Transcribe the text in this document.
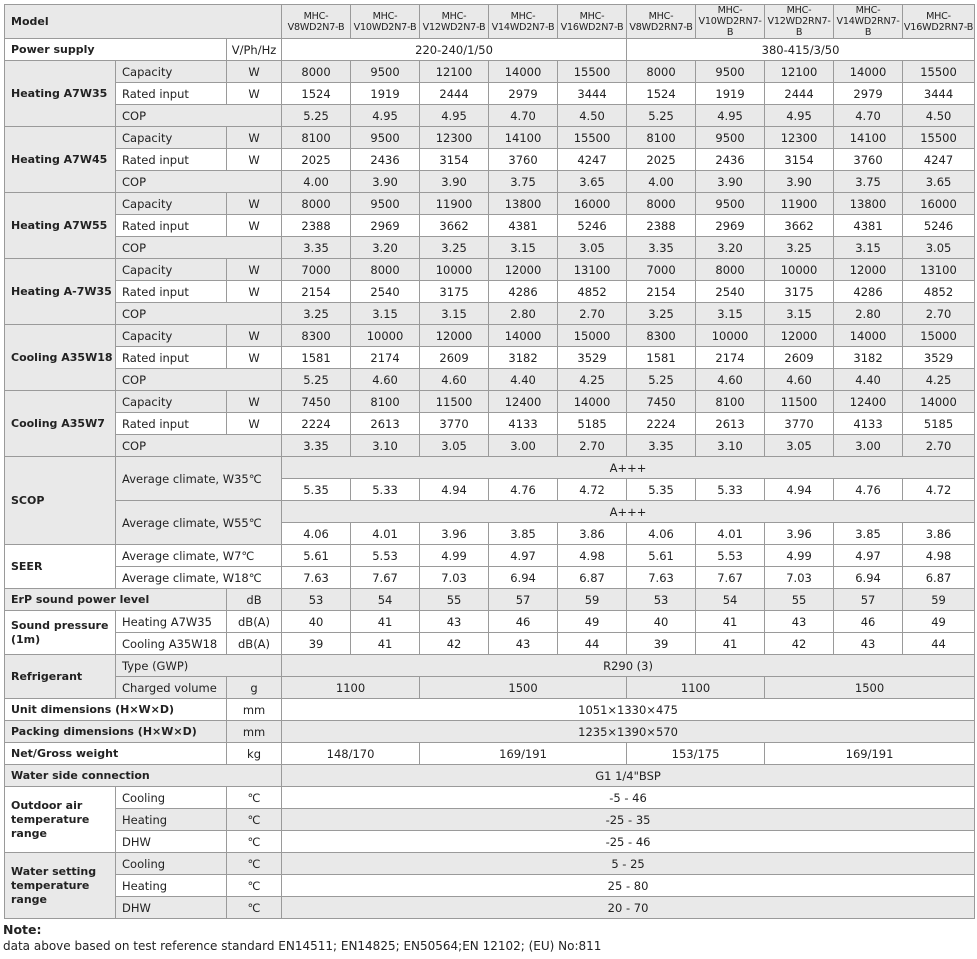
Model			MHC-V8WD2N7-B	MHC-V10WD2N7-B	MHC-V12WD2N7-B	MHC-V14WD2N7-B	MHC-V16WD2N7-B	MHC-V8WD2RN7-B	MHC-V10WD2RN7-B	MHC-V12WD2RN7-B	MHC-V14WD2RN7-B	MHC-V16WD2RN7-B
Power supply		V/Ph/Hz	220-240/1/50					380-415/3/50				
Heating A7W35	Capacity	W	8000	9500	12100	14000	15500	8000	9500	12100	14000	15500
	Rated input	W	1524	1919	2444	2979	3444	1524	1919	2444	2979	3444
	COP		5.25	4.95	4.95	4.70	4.50	5.25	4.95	4.95	4.70	4.50
Heating A7W45	Capacity	W	8100	9500	12300	14100	15500	8100	9500	12300	14100	15500
	Rated input	W	2025	2436	3154	3760	4247	2025	2436	3154	3760	4247
	COP		4.00	3.90	3.90	3.75	3.65	4.00	3.90	3.90	3.75	3.65
Heating A7W55	Capacity	W	8000	9500	11900	13800	16000	8000	9500	11900	13800	16000
	Rated input	W	2388	2969	3662	4381	5246	2388	2969	3662	4381	5246
	COP		3.35	3.20	3.25	3.15	3.05	3.35	3.20	3.25	3.15	3.05
Heating A-7W35	Capacity	W	7000	8000	10000	12000	13100	7000	8000	10000	12000	13100
	Rated input	W	2154	2540	3175	4286	4852	2154	2540	3175	4286	4852
	COP		3.25	3.15	3.15	2.80	2.70	3.25	3.15	3.15	2.80	2.70
Cooling A35W18	Capacity	W	8300	10000	12000	14000	15000	8300	10000	12000	14000	15000
	Rated input	W	1581	2174	2609	3182	3529	1581	2174	2609	3182	3529
	COP		5.25	4.60	4.60	4.40	4.25	5.25	4.60	4.60	4.40	4.25
Cooling A35W7	Capacity	W	7450	8100	11500	12400	14000	7450	8100	11500	12400	14000
	Rated input	W	2224	2613	3770	4133	5185	2224	2613	3770	4133	5185
	COP		3.35	3.10	3.05	3.00	2.70	3.35	3.10	3.05	3.00	2.70
SCOP	Average climate, W35℃		A+++									
			5.35	5.33	4.94	4.76	4.72	5.35	5.33	4.94	4.76	4.72
	Average climate, W55℃		A+++									
			4.06	4.01	3.96	3.85	3.86	4.06	4.01	3.96	3.85	3.86
SEER	Average climate, W7℃		5.61	5.53	4.99	4.97	4.98	5.61	5.53	4.99	4.97	4.98
	Average climate, W18℃		7.63	7.67	7.03	6.94	6.87	7.63	7.67	7.03	6.94	6.87
ErP sound power level		dB	53	54	55	57	59	53	54	55	57	59
Sound pressure (1m)	Heating A7W35	dB(A)	40	41	43	46	49	40	41	43	46	49
	Cooling A35W18	dB(A)	39	41	42	43	44	39	41	42	43	44
Refrigerant	Type (GWP)		R290 (3)									
	Charged volume	g	1100		1500			1100		1500		
Unit dimensions (H×W×D)		mm	1051×1330×475									
Packing dimensions (H×W×D)		mm	1235×1390×570									
Net/Gross weight		kg	148/170		169/191			153/175		169/191		
Water side connection			G1 1/4"BSP									
Outdoor air temperature range	Cooling	℃	-5 - 46									
	Heating	℃	-25 - 35									
	DHW	℃	-25 - 46									
Water setting temperature range	Cooling	℃	5 - 25									
	Heating	℃	25 - 80									
	DHW	℃	20 - 70									
Note:
data above based on test reference standard EN14511; EN14825; EN50564;EN 12102; (EU) No:811
